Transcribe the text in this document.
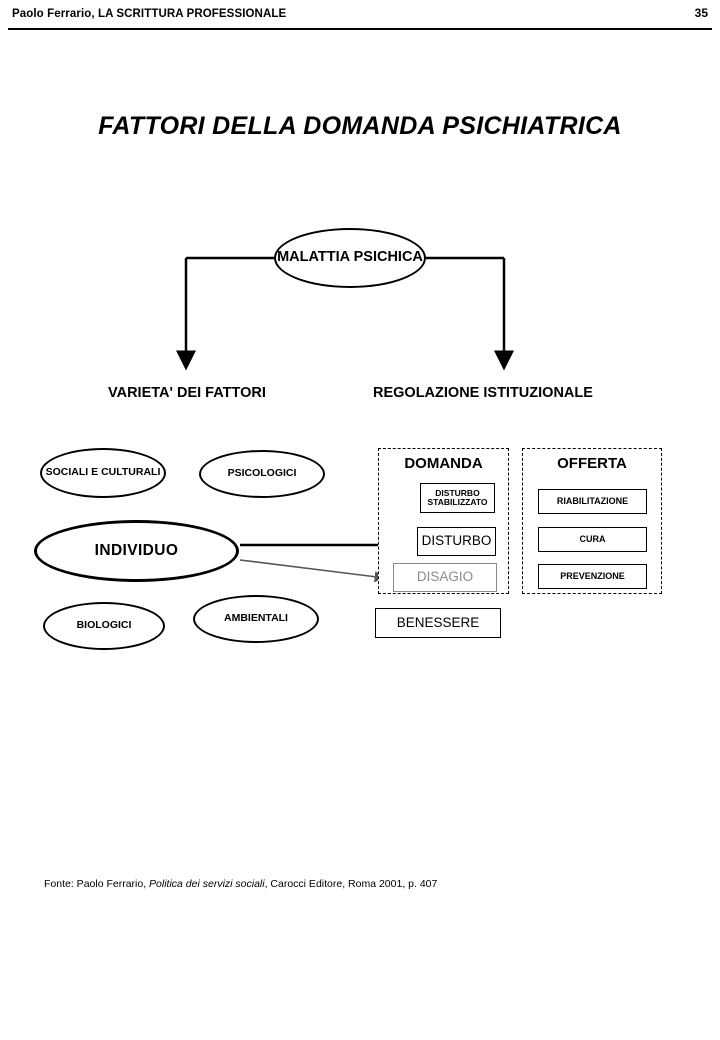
Paolo Ferrario, LA SCRITTURA PROFESSIONALE	35
FATTORI DELLA DOMANDA PSICHIATRICA
MALATTIA PSICHICA
VARIETA' DEI FATTORI	REGOLAZIONE ISTITUZIONALE
SOCIALI E CULTURALI	PSICOLOGICI
BIOLOGICI
AMBIENTALI
INDIVIDUO
DOMANDA
DISTURBO STABILIZZATO
DISTURBO
DISAGIO
OFFERTA
RIABILITAZIONE
CURA
PREVENZIONE
BENESSERE
Fonte: Paolo Ferrario, Politica dei servizi sociali, Carocci Editore, Roma 2001, p. 407
